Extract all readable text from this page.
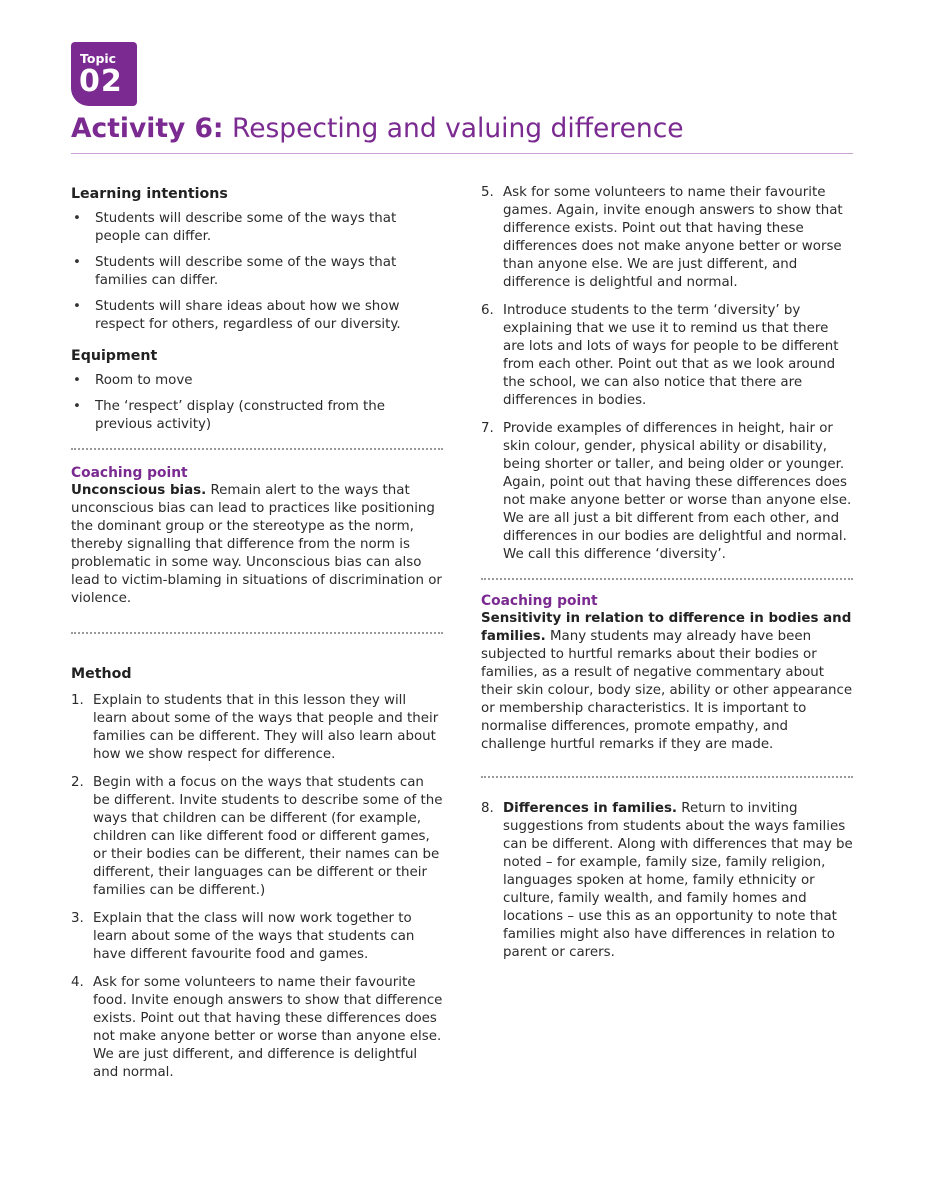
Topic
02
Activity 6: Respecting and valuing difference
Learning intentions
• Students will describe some of the ways that people can differ.
• Students will describe some of the ways that families can differ.
• Students will share ideas about how we show respect for others, regardless of our diversity.
Equipment
• Room to move
• The ‘respect’ display (constructed from the previous activity)
Coaching point
Unconscious bias. Remain alert to the ways that unconscious bias can lead to practices like positioning the dominant group or the stereotype as the norm, thereby signalling that difference from the norm is problematic in some way. Unconscious bias can also lead to victim-blaming in situations of discrimination or violence.
Method
1. Explain to students that in this lesson they will learn about some of the ways that people and their families can be different. They will also learn about how we show respect for difference.
2. Begin with a focus on the ways that students can be different. Invite students to describe some of the ways that children can be different (for example, children can like different food or different games, or their bodies can be different, their names can be different, their languages can be different or their families can be different.)
3. Explain that the class will now work together to learn about some of the ways that students can have different favourite food and games.
4. Ask for some volunteers to name their favourite food. Invite enough answers to show that difference exists. Point out that having these differences does not make anyone better or worse than anyone else. We are just different, and difference is delightful and normal.
5. Ask for some volunteers to name their favourite games. Again, invite enough answers to show that difference exists. Point out that having these differences does not make anyone better or worse than anyone else. We are just different, and difference is delightful and normal.
6. Introduce students to the term ‘diversity’ by explaining that we use it to remind us that there are lots and lots of ways for people to be different from each other. Point out that as we look around the school, we can also notice that there are differences in bodies.
7. Provide examples of differences in height, hair or skin colour, gender, physical ability or disability, being shorter or taller, and being older or younger. Again, point out that having these differences does not make anyone better or worse than anyone else. We are all just a bit different from each other, and differences in our bodies are delightful and normal. We call this difference ‘diversity’.
Coaching point
Sensitivity in relation to difference in bodies and families. Many students may already have been subjected to hurtful remarks about their bodies or families, as a result of negative commentary about their skin colour, body size, ability or other appearance or membership characteristics. It is important to normalise differences, promote empathy, and challenge hurtful remarks if they are made.
8. Differences in families. Return to inviting suggestions from students about the ways families can be different. Along with differences that may be noted – for example, family size, family religion, languages spoken at home, family ethnicity or culture, family wealth, and family homes and locations – use this as an opportunity to note that families might also have differences in relation to parent or carers.
